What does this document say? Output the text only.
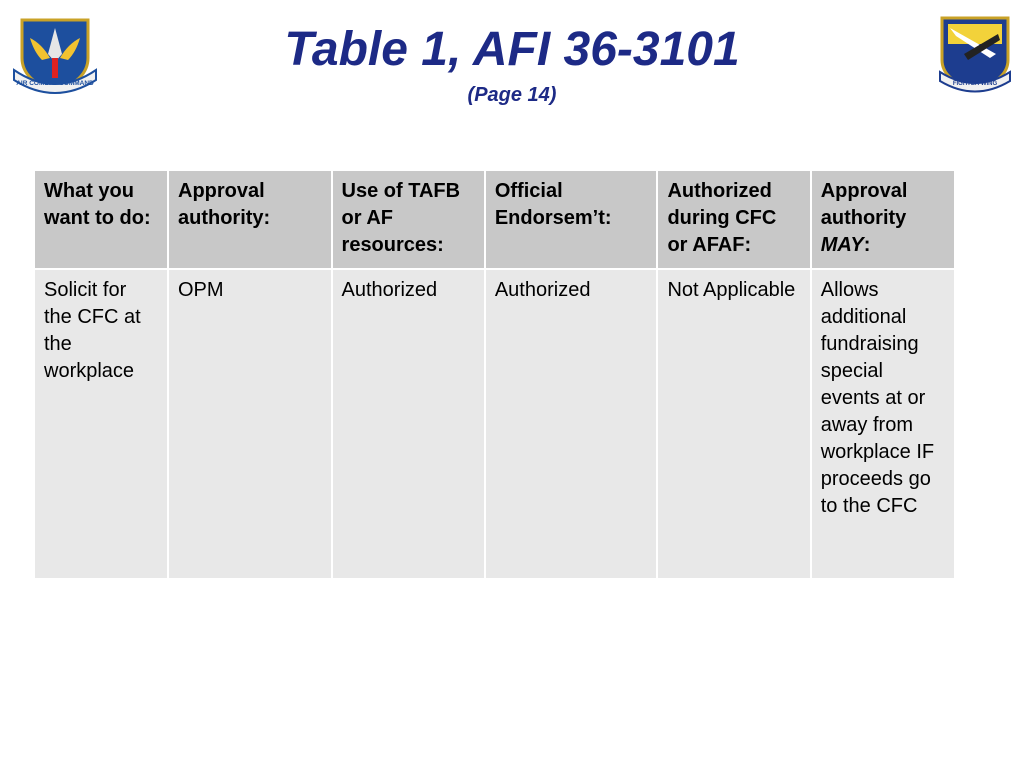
AIR COMBAT COMMAND	FIGHTER WING
Table 1, AFI 36-3101
(Page 14)
What you want to do:	Approval authority:	Use of TAFB or AF resources:	Official Endorsem’t:	Authorized during CFC or AFAF:	Approval authority MAY:
Solicit for the CFC at the workplace	OPM	Authorized	Authorized	Not Applicable	Allows additional fundraising special events at or away from workplace IF proceeds go to the CFC
